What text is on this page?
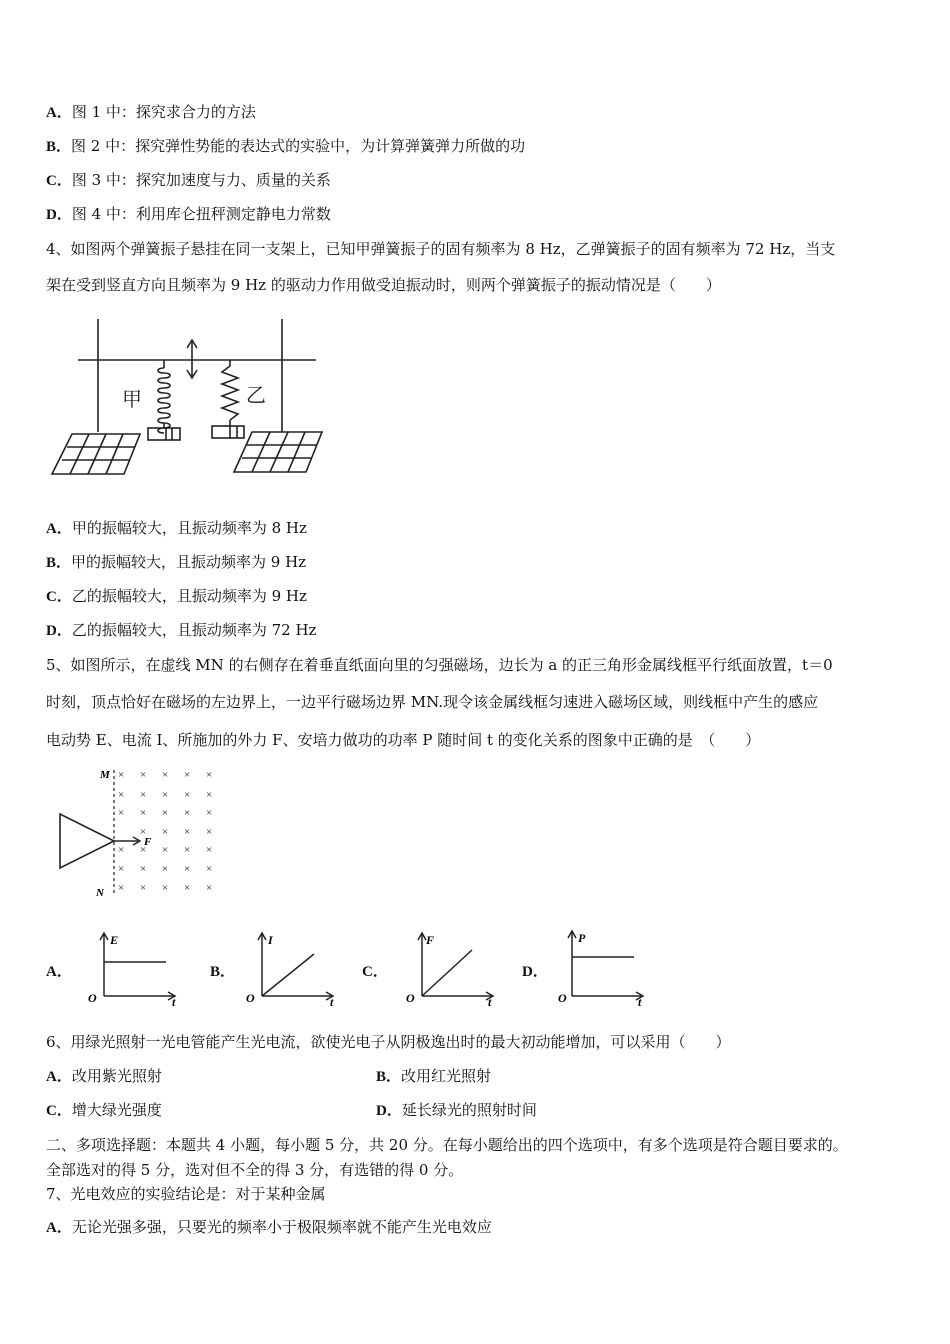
A．图 1 中：探究求合力的方法
B．图 2 中：探究弹性势能的表达式的实验中，为计算弹簧弹力所做的功
C．图 3 中：探究加速度与力、质量的关系
D．图 4 中：利用库仑扭秤测定静电力常数
4、如图两个弹簧振子悬挂在同一支架上，已知甲弹簧振子的固有频率为 8 Hz，乙弹簧振子的固有频率为 72 Hz，当支
架在受到竖直方向且频率为 9 Hz 的驱动力作用做受迫振动时，则两个弹簧振子的振动情况是（　　）
甲	乙
A．甲的振幅较大，且振动频率为 8 Hz
B．甲的振幅较大，且振动频率为 9 Hz
C．乙的振幅较大，且振动频率为 9 Hz
D．乙的振幅较大，且振动频率为 72 Hz
5、如图所示，在虚线 MN 的右侧存在着垂直纸面向里的匀强磁场，边长为 a 的正三角形金属线框平行纸面放置，t＝0
时刻，顶点恰好在磁场的左边界上，一边平行磁场边界 MN.现令该金属线框匀速进入磁场区域，则线框中产生的感应
电动势 E、电流 I、所施加的外力 F、安培力做功的功率 P 随时间 t 的变化关系的图象中正确的是　（　　）
M
N
F
× × × × ×
× × × × ×
× × × × ×
× × × ×
× × × × ×
× × × × ×
× × × × ×
A．
E
O	t
B．
I
O	t
C．
F
O	t
D．
P
O	t
6、用绿光照射一光电管能产生光电流，欲使光电子从阴极逸出时的最大初动能增加，可以采用（　　）
A．改用紫光照射	B．改用红光照射
C．增大绿光强度	D．延长绿光的照射时间
二、多项选择题：本题共 4 小题，每小题 5 分，共 20 分。在每小题给出的四个选项中，有多个选项是符合题目要求的。
全部选对的得 5 分，选对但不全的得 3 分，有选错的得 0 分。
7、光电效应的实验结论是：对于某种金属
A．无论光强多强，只要光的频率小于极限频率就不能产生光电效应
